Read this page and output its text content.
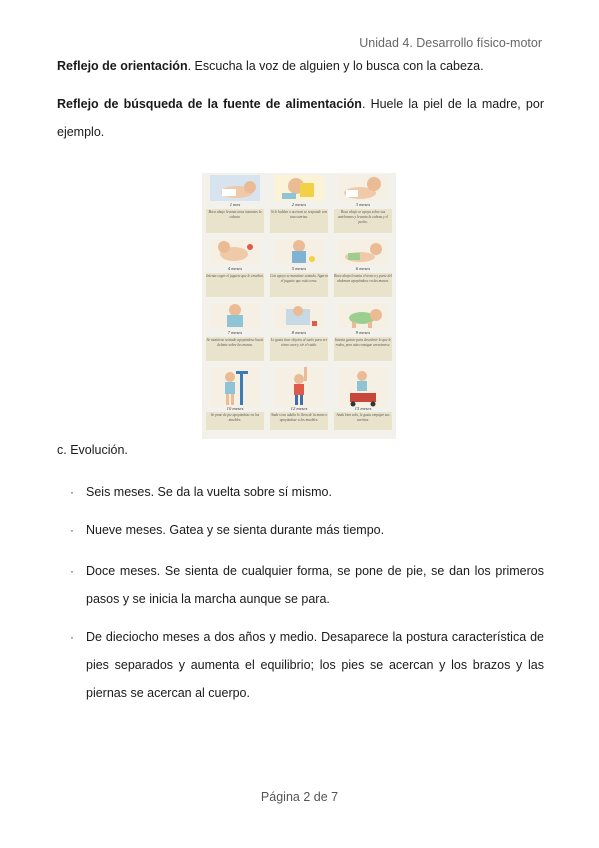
Unidad 4. Desarrollo físico-motor

Reflejo de orientación. Escucha la voz de alguien y lo busca con la cabeza.

Reflejo de búsqueda de la fuente de alimentación. Huele la piel de la madre, por ejemplo.

1 mes
Boca abajo levanta unos instantes la cabeza.
2 meses
Si le hablan o acercan se responde con una sonrisa.
3 meses
Boca abajo se apoya sobre sus antebrazos y levanta la cabeza y el pecho.
4 meses
Intenta coger el juguete que le enseñan.
5 meses
Con apoyo se mantiene sentado. Agarra el juguete que está cerca.
6 meses
Boca abajo levanta el tronco y parte del abdomen apoyándose en las manos.
7 meses
Se mantiene sentado apoyándose hacia delante sobre las manos.
8 meses
Le gusta tirar objetos al suelo para ver cómo caen y oír el ruido.
9 meses
Intenta gatear para descubrir lo que le rodea, pero aún consigue arrastrarse.
10 meses
Se pone de pie apoyándose en los muebles.
12 meses
Anda si un adulto lo lleva de la mano o apoyándose a los muebles.
15 meses
Anda bien solo, le gusta empujar sus carritos.
c. Evolución.
· Seis meses. Se da la vuelta sobre sí mismo.
· Nueve meses. Gatea y se sienta durante más tiempo.
· Doce meses. Se sienta de cualquier forma, se pone de pie, se dan los primeros pasos y se inicia la marcha aunque se para.
· De dieciocho meses a dos años y medio. Desaparece la postura característica de pies separados y aumenta el equilibrio; los pies se acercan y los brazos y las piernas se acercan al cuerpo.
Página 2 de 7
